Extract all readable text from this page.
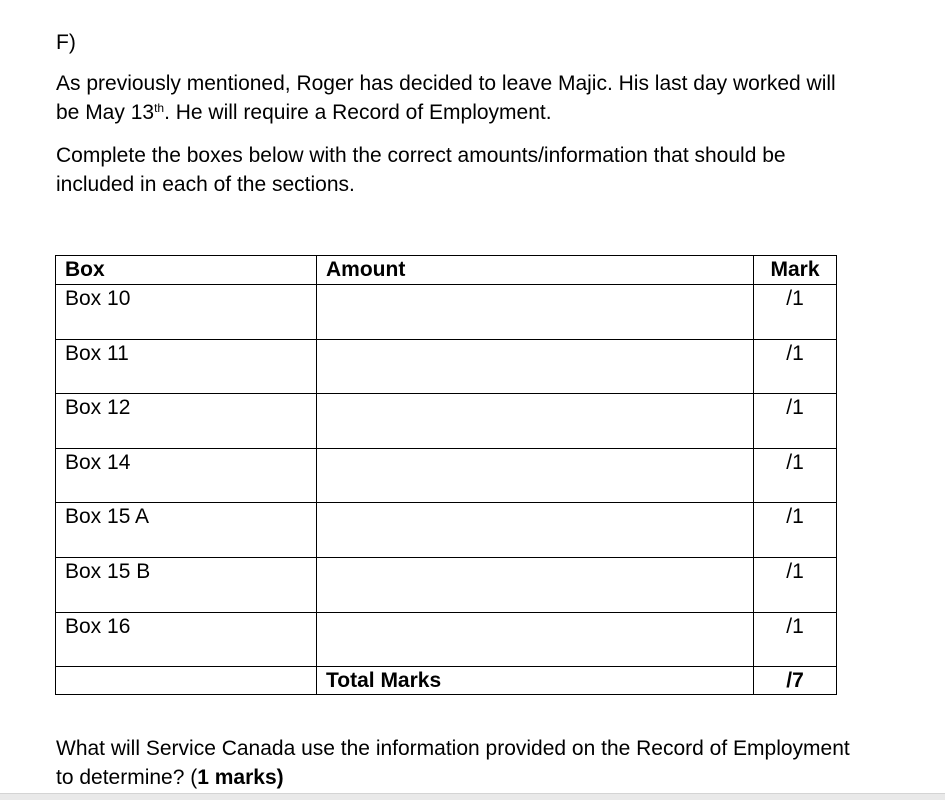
F)

As previously mentioned, Roger has decided to leave Majic. His last day worked will be May 13th. He will require a Record of Employment.

Complete the boxes below with the correct amounts/information that should be included in each of the sections.

Box	Amount	Mark
Box 10		/1
Box 11		/1
Box 12		/1
Box 14		/1
Box 15 A		/1
Box 15 B		/1
Box 16		/1
	Total Marks	/7

What will Service Canada use the information provided on the Record of Employment to determine? (1 marks)
